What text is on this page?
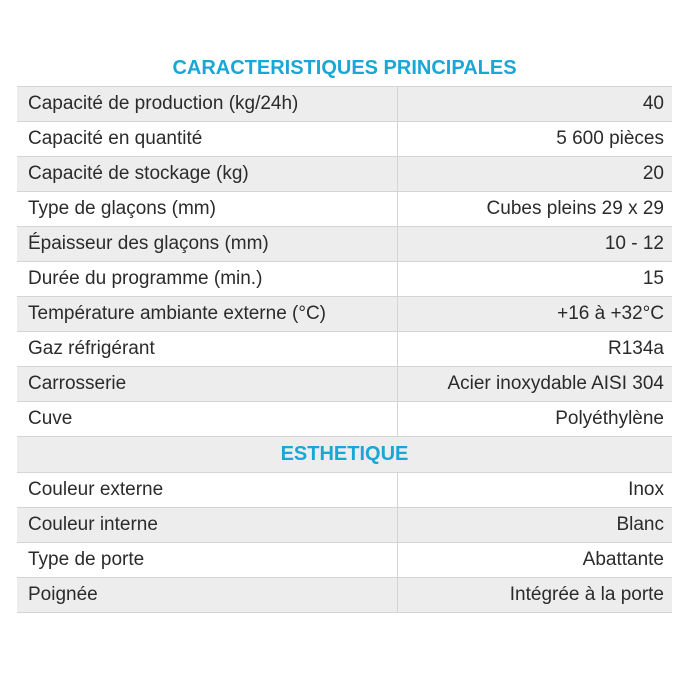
CARACTERISTIQUES PRINCIPALES
Capacité de production (kg/24h)	40
Capacité en quantité	5 600 pièces
Capacité de stockage (kg)	20
Type de glaçons (mm)	Cubes pleins 29 x 29
Épaisseur des glaçons (mm)	10 - 12
Durée du programme (min.)	15
Température ambiante externe (°C)	+16 à +32°C
Gaz réfrigérant	R134a
Carrosserie	Acier inoxydable AISI 304
Cuve	Polyéthylène
ESTHETIQUE
Couleur externe	Inox
Couleur interne	Blanc
Type de porte	Abattante
Poignée	Intégrée à la porte
